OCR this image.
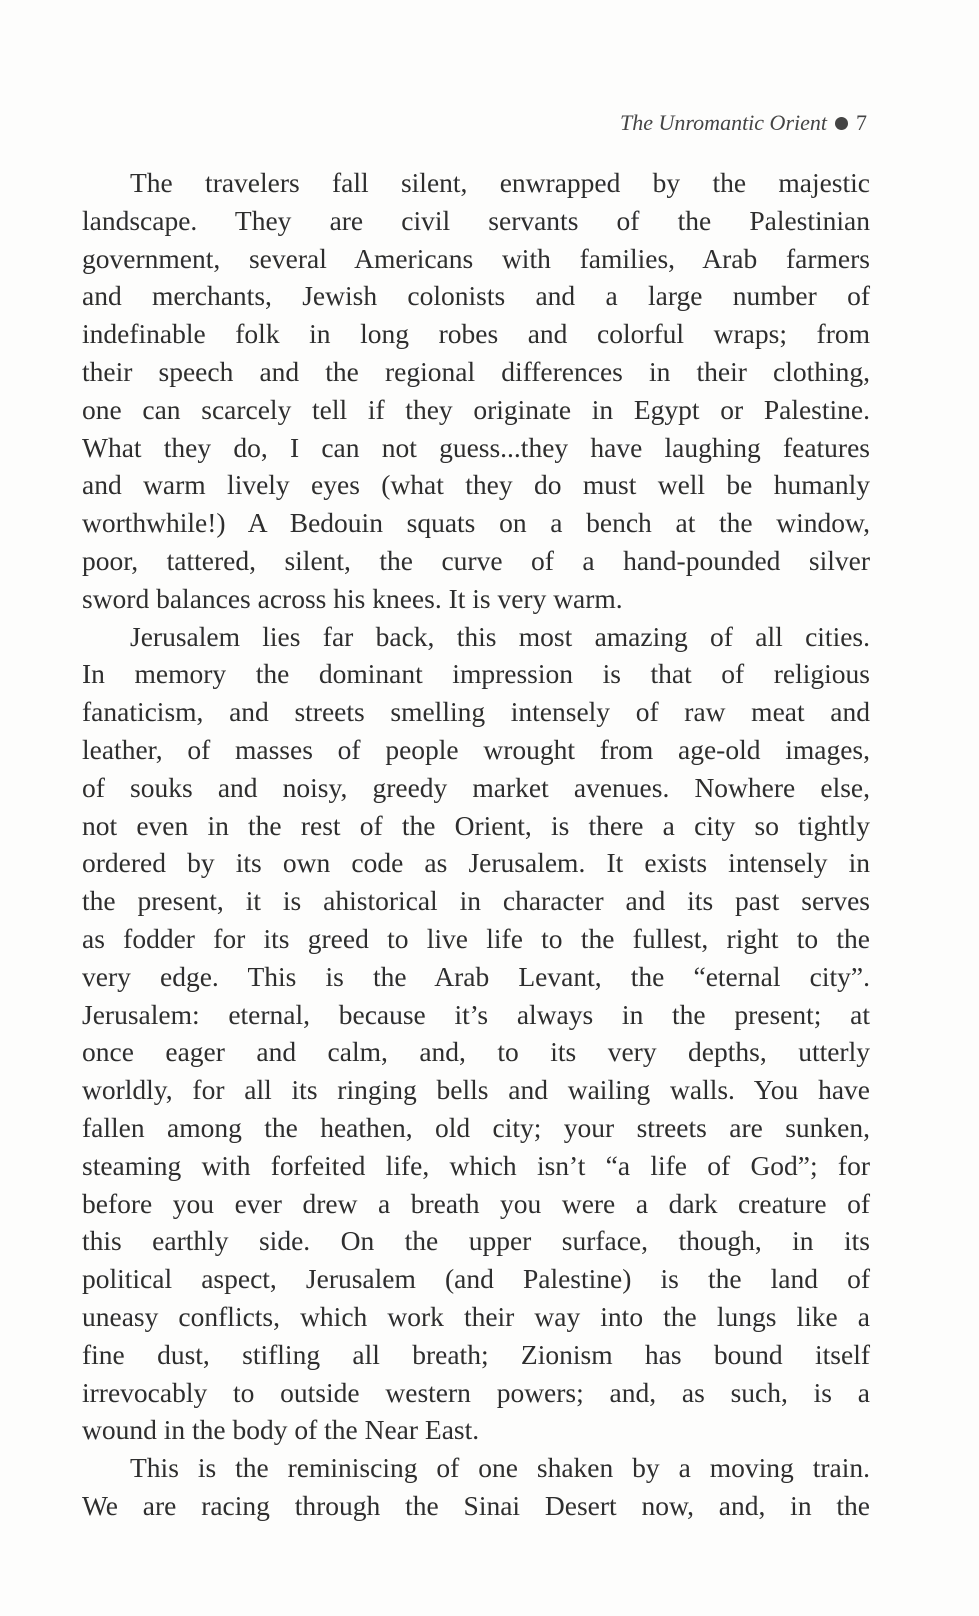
The Unromantic Orient 7
The travelers fall silent, enwrapped by the majestic
landscape. They are civil servants of the Palestinian
government, several Americans with families, Arab farmers
and merchants, Jewish colonists and a large number of
indefinable folk in long robes and colorful wraps; from
their speech and the regional differences in their clothing,
one can scarcely tell if they originate in Egypt or Palestine.
What they do, I can not guess...they have laughing features
and warm lively eyes (what they do must well be humanly
worthwhile!) A Bedouin squats on a bench at the window,
poor, tattered, silent, the curve of a hand-pounded silver
sword balances across his knees. It is very warm.
Jerusalem lies far back, this most amazing of all cities.
In memory the dominant impression is that of religious
fanaticism, and streets smelling intensely of raw meat and
leather, of masses of people wrought from age-old images,
of souks and noisy, greedy market avenues. Nowhere else,
not even in the rest of the Orient, is there a city so tightly
ordered by its own code as Jerusalem. It exists intensely in
the present, it is ahistorical in character and its past serves
as fodder for its greed to live life to the fullest, right to the
very edge. This is the Arab Levant, the “eternal city”.
Jerusalem: eternal, because it’s always in the present; at
once eager and calm, and, to its very depths, utterly
worldly, for all its ringing bells and wailing walls. You have
fallen among the heathen, old city; your streets are sunken,
steaming with forfeited life, which isn’t “a life of God”; for
before you ever drew a breath you were a dark creature of
this earthly side. On the upper surface, though, in its
political aspect, Jerusalem (and Palestine) is the land of
uneasy conflicts, which work their way into the lungs like a
fine dust, stifling all breath; Zionism has bound itself
irrevocably to outside western powers; and, as such, is a
wound in the body of the Near East.
This is the reminiscing of one shaken by a moving train.
We are racing through the Sinai Desert now, and, in the
